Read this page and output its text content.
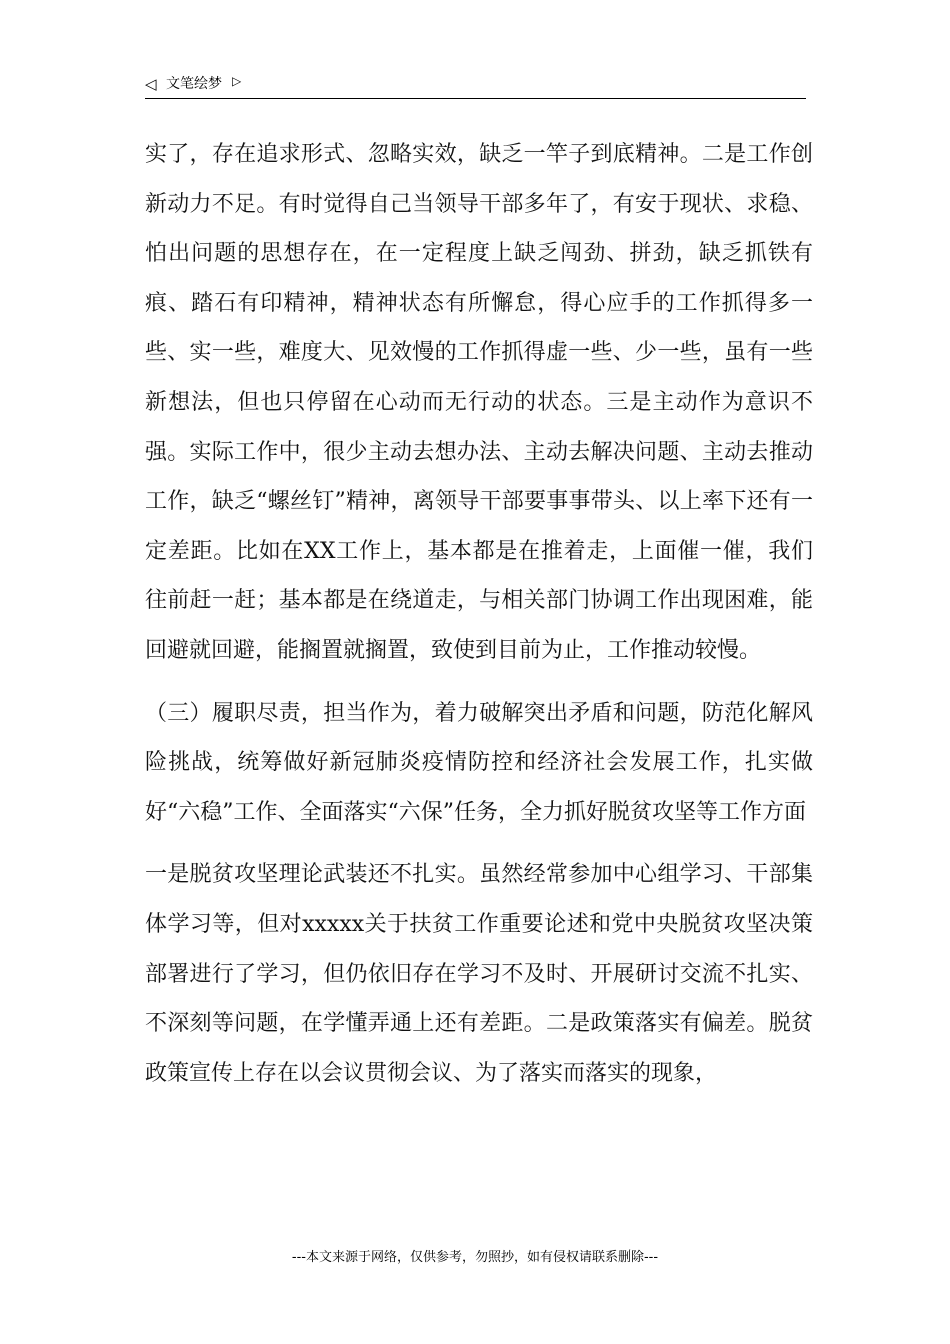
◁ 文笔绘梦 ▷

实了，存在追求形式、忽略实效，缺乏一竿子到底精神。二是工作创新动力不足。有时觉得自己当领导干部多年了，有安于现状、求稳、怕出问题的思想存在，在一定程度上缺乏闯劲、拼劲，缺乏抓铁有痕、踏石有印精神，精神状态有所懈怠，得心应手的工作抓得多一些、实一些，难度大、见效慢的工作抓得虚一些、少一些，虽有一些新想法，但也只停留在心动而无行动的状态。三是主动作为意识不强。实际工作中，很少主动去想办法、主动去解决问题、主动去推动工作，缺乏“螺丝钉”精神，离领导干部要事事带头、以上率下还有一定差距。比如在XX工作上，基本都是在推着走，上面催一催，我们往前赶一赶；基本都是在绕道走，与相关部门协调工作出现困难，能回避就回避，能搁置就搁置，致使到目前为止，工作推动较慢。

（三）履职尽责，担当作为，着力破解突出矛盾和问题，防范化解风险挑战，统筹做好新冠肺炎疫情防控和经济社会发展工作，扎实做好“六稳”工作、全面落实“六保”任务，全力抓好脱贫攻坚等工作方面

一是脱贫攻坚理论武装还不扎实。虽然经常参加中心组学习、干部集体学习等，但对xxxxx关于扶贫工作重要论述和党中央脱贫攻坚决策部署进行了学习，但仍依旧存在学习不及时、开展研讨交流不扎实、不深刻等问题，在学懂弄通上还有差距。二是政策落实有偏差。脱贫政策宣传上存在以会议贯彻会议、为了落实而落实的现象，

---本文来源于网络，仅供参考，勿照抄，如有侵权请联系删除---
